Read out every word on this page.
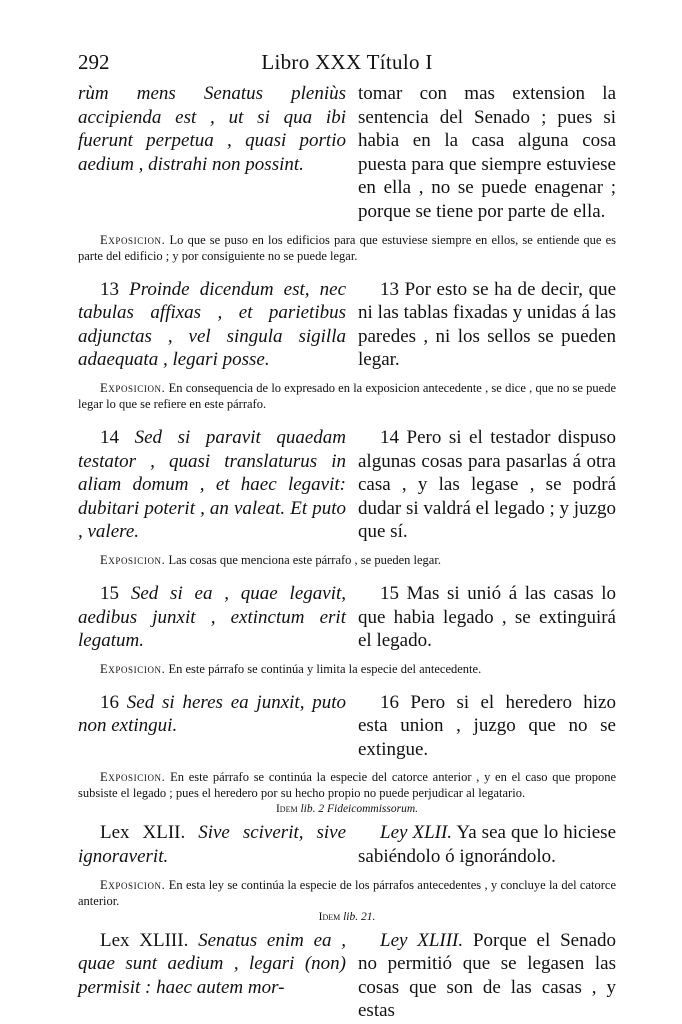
292	Libro XXX Título I
rùm mens Senatus pleniùs accipienda est , ut si qua ibi fuerunt perpetua , quasi portio aedium , distrahi non possint.
tomar con mas extension la sentencia del Senado ; pues si habia en la casa alguna cosa puesta para que siempre estuviese en ella , no se puede enagenar ; porque se tiene por parte de ella.
Exposicion. Lo que se puso en los edificios para que estuviese siempre en ellos, se entiende que es parte del edificio ; y por consiguiente no se puede legar.
13 Proinde dicendum est, nec tabulas affixas , et parietibus adjunctas , vel singula sigilla adaequata , legari posse.
13 Por esto se ha de decir, que ni las tablas fixadas y unidas á las paredes , ni los sellos se pueden legar.
Exposicion. En consequencia de lo expresado en la exposicion antecedente , se dice , que no se puede legar lo que se refiere en este párrafo.
14 Sed si paravit quaedam testator , quasi translaturus in aliam domum , et haec legavit: dubitari poterit , an valeat. Et puto , valere.
14 Pero si el testador dispuso algunas cosas para pasarlas á otra casa , y las legase , se podrá dudar si valdrá el legado ; y juzgo que sí.
Exposicion. Las cosas que menciona este párrafo , se pueden legar.
15 Sed si ea , quae legavit, aedibus junxit , extinctum erit legatum.
15 Mas si unió á las casas lo que habia legado , se extinguirá el legado.
Exposicion. En este párrafo se continúa y limita la especie del antecedente.
16 Sed si heres ea junxit, puto non extingui.
16 Pero si el heredero hizo esta union , juzgo que no se extingue.
Exposicion. En este párrafo se continúa la especie del catorce anterior , y en el caso que propone subsiste el legado ; pues el heredero por su hecho propio no puede perjudicar al legatario.
Idem lib. 2 Fideicommissorum.
Lex XLII. Sive sciverit, sive ignoraverit.
Ley XLII. Ya sea que lo hiciese sabiéndolo ó ignorándolo.
Exposicion. En esta ley se continúa la especie de los párrafos antecedentes , y concluye la del catorce anterior.
Idem lib. 21.
Lex XLIII. Senatus enim ea , quae sunt aedium , legari (non) permisit : haec autem mor-
Ley XLIII. Porque el Senado no permitió que se legasen las cosas que son de las casas , y estas
